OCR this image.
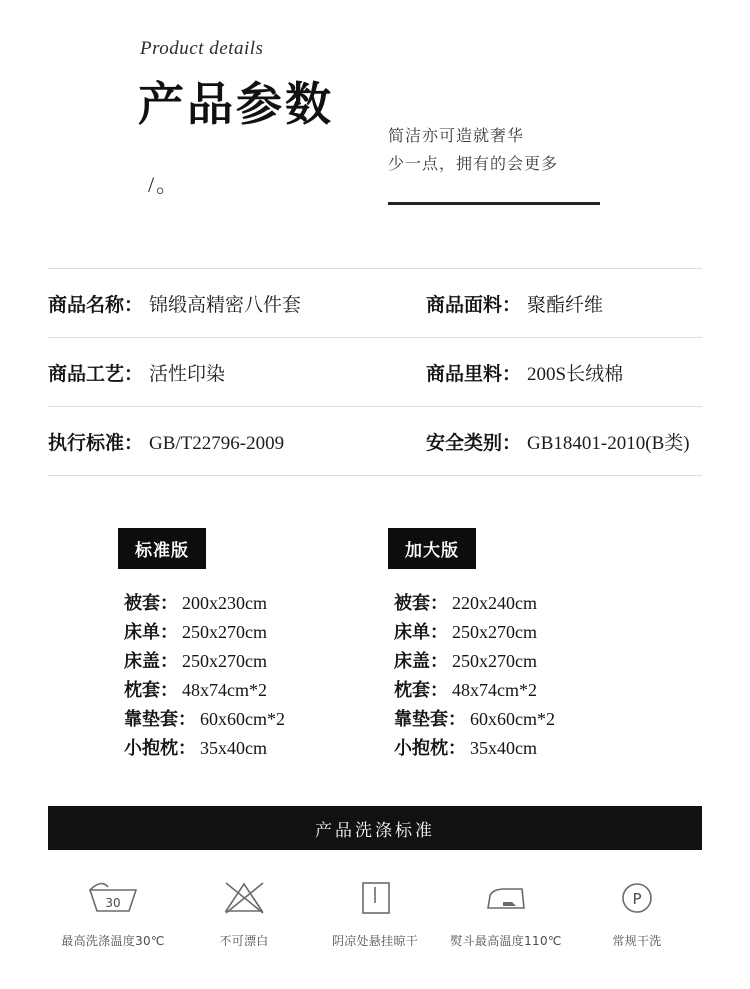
Product details
产品参数
/。
简洁亦可造就奢华
少一点，拥有的会更多
商品名称： 锦缎高精密八件套	商品面料： 聚酯纤维
商品工艺： 活性印染	商品里料： 200S长绒棉
执行标准： GB/T22796-2009	安全类别： GB18401-2010(B类)
标准版
被套： 200x230cm
床单： 250x270cm
床盖： 250x270cm
枕套： 48x74cm*2
靠垫套： 60x60cm*2
小抱枕： 35x40cm
加大版
被套： 220x240cm
床单： 250x270cm
床盖： 250x270cm
枕套： 48x74cm*2
靠垫套： 60x60cm*2
小抱枕： 35x40cm
产品洗涤标准
30
最高洗涤温度30℃	不可漂白	阴凉处悬挂晾干	熨斗最高温度110℃
P
常规干洗
